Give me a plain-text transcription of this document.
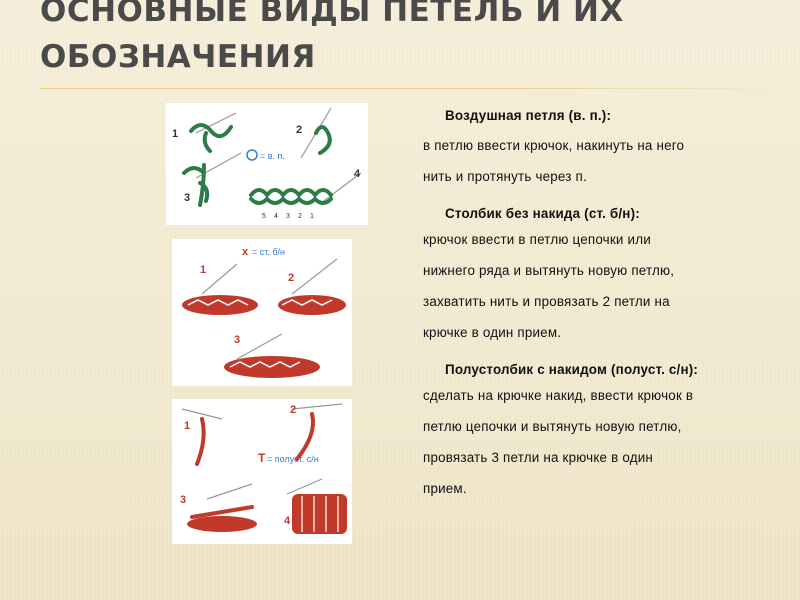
ОСНОВНЫЕ ВИДЫ ПЕТЕЛЬ И ИХ ОБОЗНАЧЕНИЯ
1	2
3
4
= в. п.
5 4 3 2 1
x = ст. б/н
1
2
3
T = полуст. с/н
1
2
3
4
Воздушная петля (в. п.):

в петлю ввести крючок, накинуть на него

нить и протянуть через п.

Столбик без накида (ст. б/н):

крючок ввести в петлю цепочки или

нижнего ряда и вытянуть новую петлю,

захватить нить и провязать 2 петли на

крючке в один прием.

Полустолбик с накидом (полуст. с/н):

сделать на крючке накид, ввести крючок в

петлю цепочки и вытянуть новую петлю,

провязать 3 петли на крючке в один

прием.
